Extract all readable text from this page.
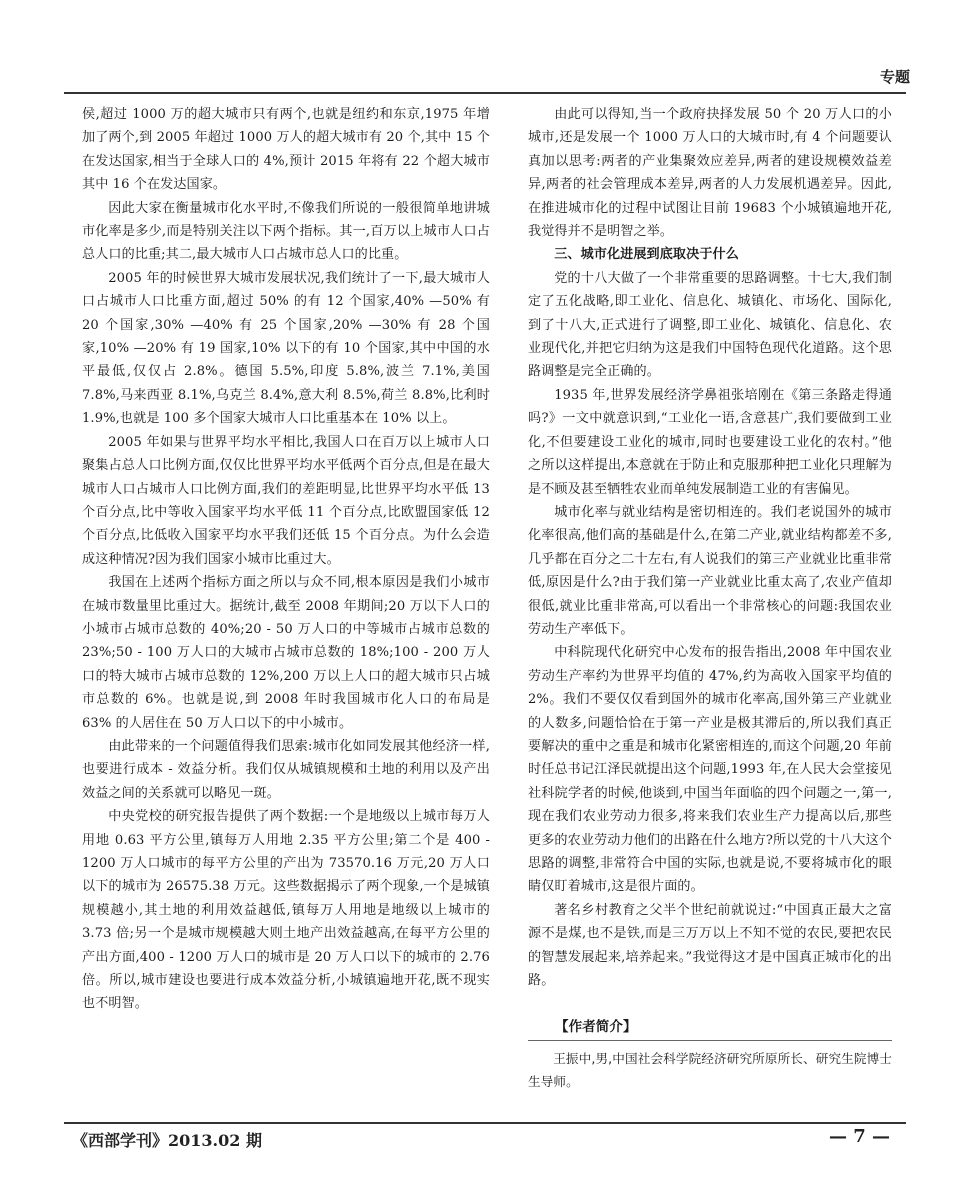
专题

侯,超过 1000 万的超大城市只有两个,也就是纽约和东京,1975 年增加了两个,到 2005 年超过 1000 万人的超大城市有 20 个,其中 15 个在发达国家,相当于全球人口的 4%,预计 2015 年将有 22 个超大城市其中 16 个在发达国家。

因此大家在衡量城市化水平时,不像我们所说的一般很简单地讲城市化率是多少,而是特别关注以下两个指标。其一,百万以上城市人口占总人口的比重;其二,最大城市人口占城市总人口的比重。

2005 年的时候世界大城市发展状况,我们统计了一下,最大城市人口占城市人口比重方面,超过 50% 的有 12 个国家,40% —50% 有 20 个国家,30% —40% 有 25 个国家,20% —30% 有 28 个国家,10% —20% 有 19 国家,10% 以下的有 10 个国家,其中中国的水平最低,仅仅占 2.8%。德国 5.5%,印度 5.8%,波兰 7.1%,美国 7.8%,马来西亚 8.1%,乌克兰 8.4%,意大利 8.5%,荷兰 8.8%,比利时 1.9%,也就是 100 多个国家大城市人口比重基本在 10% 以上。

2005 年如果与世界平均水平相比,我国人口在百万以上城市人口聚集占总人口比例方面,仅仅比世界平均水平低两个百分点,但是在最大城市人口占城市人口比例方面,我们的差距明显,比世界平均水平低 13 个百分点,比中等收入国家平均水平低 11 个百分点,比欧盟国家低 12 个百分点,比低收入国家平均水平我们还低 15 个百分点。为什么会造成这种情况?因为我们国家小城市比重过大。

我国在上述两个指标方面之所以与众不同,根本原因是我们小城市在城市数量里比重过大。据统计,截至 2008 年期间;20 万以下人口的小城市占城市总数的 40%;20 - 50 万人口的中等城市占城市总数的 23%;50 - 100 万人口的大城市占城市总数的 18%;100 - 200 万人口的特大城市占城市总数的 12%,200 万以上人口的超大城市只占城市总数的 6%。也就是说,到 2008 年时我国城市化人口的布局是 63% 的人居住在 50 万人口以下的中小城市。

由此带来的一个问题值得我们思索:城市化如同发展其他经济一样,也要进行成本 - 效益分析。我们仅从城镇规模和土地的利用以及产出效益之间的关系就可以略见一斑。

中央党校的研究报告提供了两个数据:一个是地级以上城市每万人用地 0.63 平方公里,镇每万人用地 2.35 平方公里;第二个是 400 - 1200 万人口城市的每平方公里的产出为 73570.16 万元,20 万人口以下的城市为 26575.38 万元。这些数据揭示了两个现象,一个是城镇规模越小,其土地的利用效益越低,镇每万人用地是地级以上城市的 3.73 倍;另一个是城市规模越大则土地产出效益越高,在每平方公里的产出方面,400 - 1200 万人口的城市是 20 万人口以下的城市的 2.76 倍。所以,城市建设也要进行成本效益分析,小城镇遍地开花,既不现实也不明智。

由此可以得知,当一个政府抉择发展 50 个 20 万人口的小城市,还是发展一个 1000 万人口的大城市时,有 4 个问题要认真加以思考:两者的产业集聚效应差异,两者的建设规模效益差异,两者的社会管理成本差异,两者的人力发展机遇差异。因此,在推进城市化的过程中试图让目前 19683 个小城镇遍地开花,我觉得并不是明智之举。

三、城市化进展到底取决于什么

党的十八大做了一个非常重要的思路调整。十七大,我们制定了五化战略,即工业化、信息化、城镇化、市场化、国际化,到了十八大,正式进行了调整,即工业化、城镇化、信息化、农业现代化,并把它归纳为这是我们中国特色现代化道路。这个思路调整是完全正确的。

1935 年,世界发展经济学鼻祖张培刚在《第三条路走得通吗?》一文中就意识到,“工业化一语,含意甚广,我们要做到工业化,不但要建设工业化的城市,同时也要建设工业化的农村。”他之所以这样提出,本意就在于防止和克服那种把工业化只理解为是不顾及甚至牺牲农业而单纯发展制造工业的有害偏见。

城市化率与就业结构是密切相连的。我们老说国外的城市化率很高,他们高的基础是什么,在第二产业,就业结构都差不多,几乎都在百分之二十左右,有人说我们的第三产业就业比重非常低,原因是什么?由于我们第一产业就业比重太高了,农业产值却很低,就业比重非常高,可以看出一个非常核心的问题:我国农业劳动生产率低下。

中科院现代化研究中心发布的报告指出,2008 年中国农业劳动生产率约为世界平均值的 47%,约为高收入国家平均值的 2%。我们不要仅仅看到国外的城市化率高,国外第三产业就业的人数多,问题恰恰在于第一产业是极其滞后的,所以我们真正要解决的重中之重是和城市化紧密相连的,而这个问题,20 年前时任总书记江泽民就提出这个问题,1993 年,在人民大会堂接见社科院学者的时候,他谈到,中国当年面临的四个问题之一,第一,现在我们农业劳动力很多,将来我们农业生产力提高以后,那些更多的农业劳动力他们的出路在什么地方?所以党的十八大这个思路的调整,非常符合中国的实际,也就是说,不要将城市化的眼睛仅盯着城市,这是很片面的。

著名乡村教育之父半个世纪前就说过:“中国真正最大之富源不是煤,也不是铁,而是三万万以上不知不觉的农民,要把农民的智慧发展起来,培养起来。”我觉得这才是中国真正城市化的出路。

【作者简介】

王振中,男,中国社会科学院经济研究所原所长、研究生院博士生导师。

《西部学刊》2013.02 期	— 7 —
